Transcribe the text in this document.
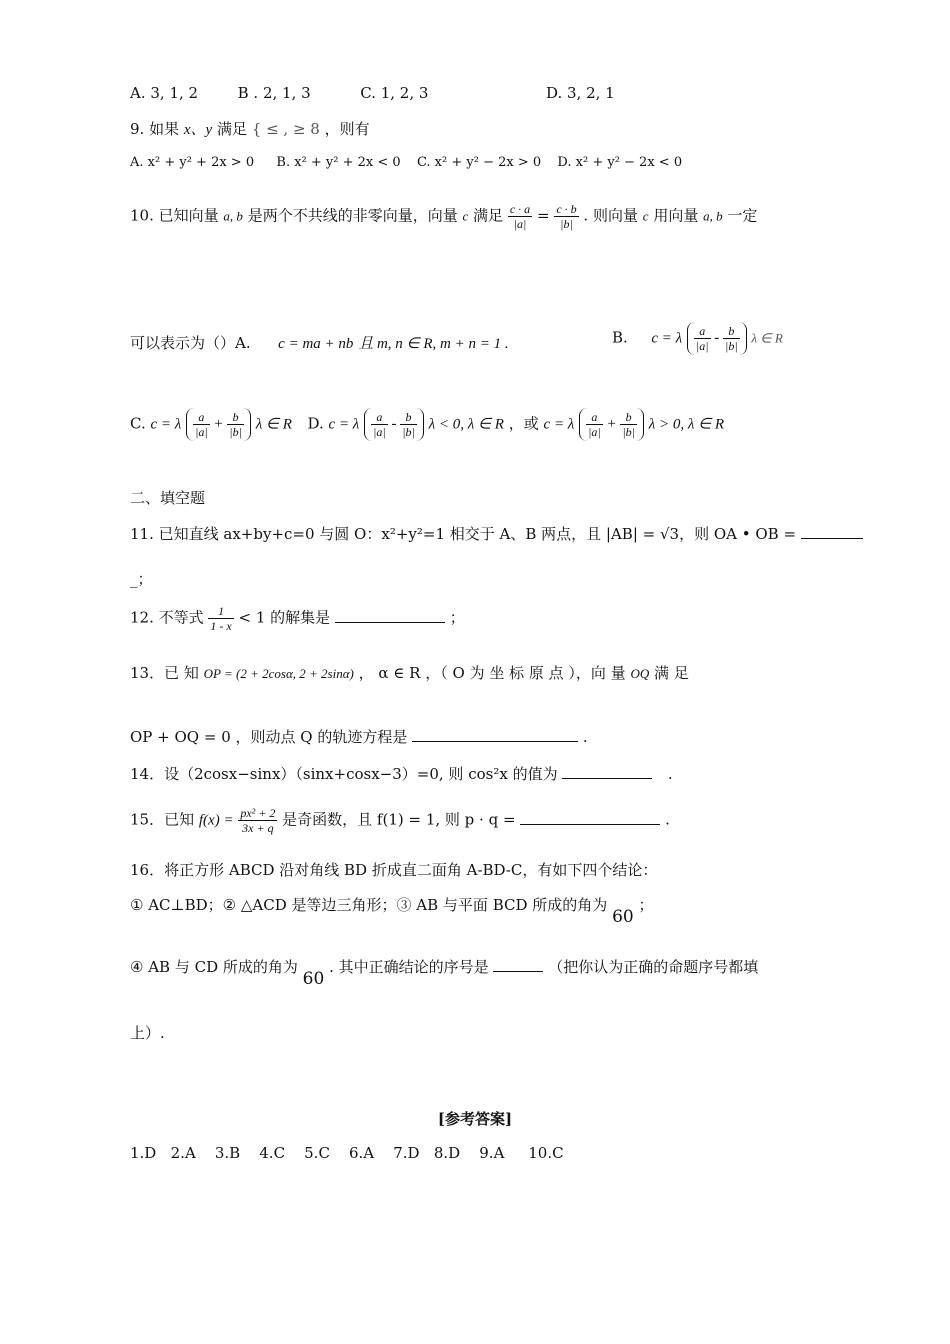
A. 3, 1, 2	B . 2, 1, 3	C. 1, 2, 3	D. 3, 2, 1
9. 如果 x、y 满足 { ≤ , ≥ 8 ，则有
A. x² + y² + 2x > 0 B. x² + y² + 2x < 0 C. x² + y² − 2x > 0 D. x² + y² − 2x < 0
10. 已知向量 a, b 是两个不共线的非零向量，向量 c 满足 $\frac{c \cdot a}{|a|} = \frac{c \cdot b}{|b|}$ . 则向量 c 用向量 a, b 一定
可以表示为（）A. c = ma + nb 且 m, n ∈ R, m + n = 1 .	B. c = λ $\frac{a}{|a|} - \frac{b}{|b|}$ λ ∈ R
C. c = λ $\frac{a}{|a|} + \frac{b}{|b|}$ λ ∈ R D. c = λ $\frac{a}{|a|} - \frac{b}{|b|}$ λ < 0, λ ∈ R ，或 c = λ $\frac{a}{|a|} + \frac{b}{|b|}$ λ > 0, λ ∈ R
二、填空题
11. 已知直线 ax+by+c=0 与圆 O：x²+y²=1 相交于 A、B 两点，且 |AB| = √3，则 OA • OB =
_；
12. 不等式 $\frac{1}{1 - x} < 1$ 的解集是	；
13．已 知 OP = (2 + 2cosα, 2 + 2sinα) ， α ∈ R ，（ O 为 坐 标 原 点 ），向 量 OQ 满 足
OP + OQ = 0 ，则动点 Q 的轨迹方程是	.
14．设（2cosx−sinx）（sinx+cosx−3）=0, 则 cos²x 的值为	.
15．已知 $f(x) = \frac{\text{px² + 2}}{3x + q}$ 是奇函数，且 f(1) = 1, 则 p · q =	.
16．将正方形 ABCD 沿对角线 BD 折成直二面角 A-BD-C，有如下四个结论：
① AC⊥BD；② △ACD 是等边三角形；③ AB 与平面 BCD 所成的角为 60 ；
④ AB 与 CD 所成的角为 60 . 其中正确结论的序号是	（把你认为正确的命题序号都填
上）.
[参考答案]
1.D   2.A    3.B    4.C    5.C    6.A    7.D   8.D    9.A     10.C
